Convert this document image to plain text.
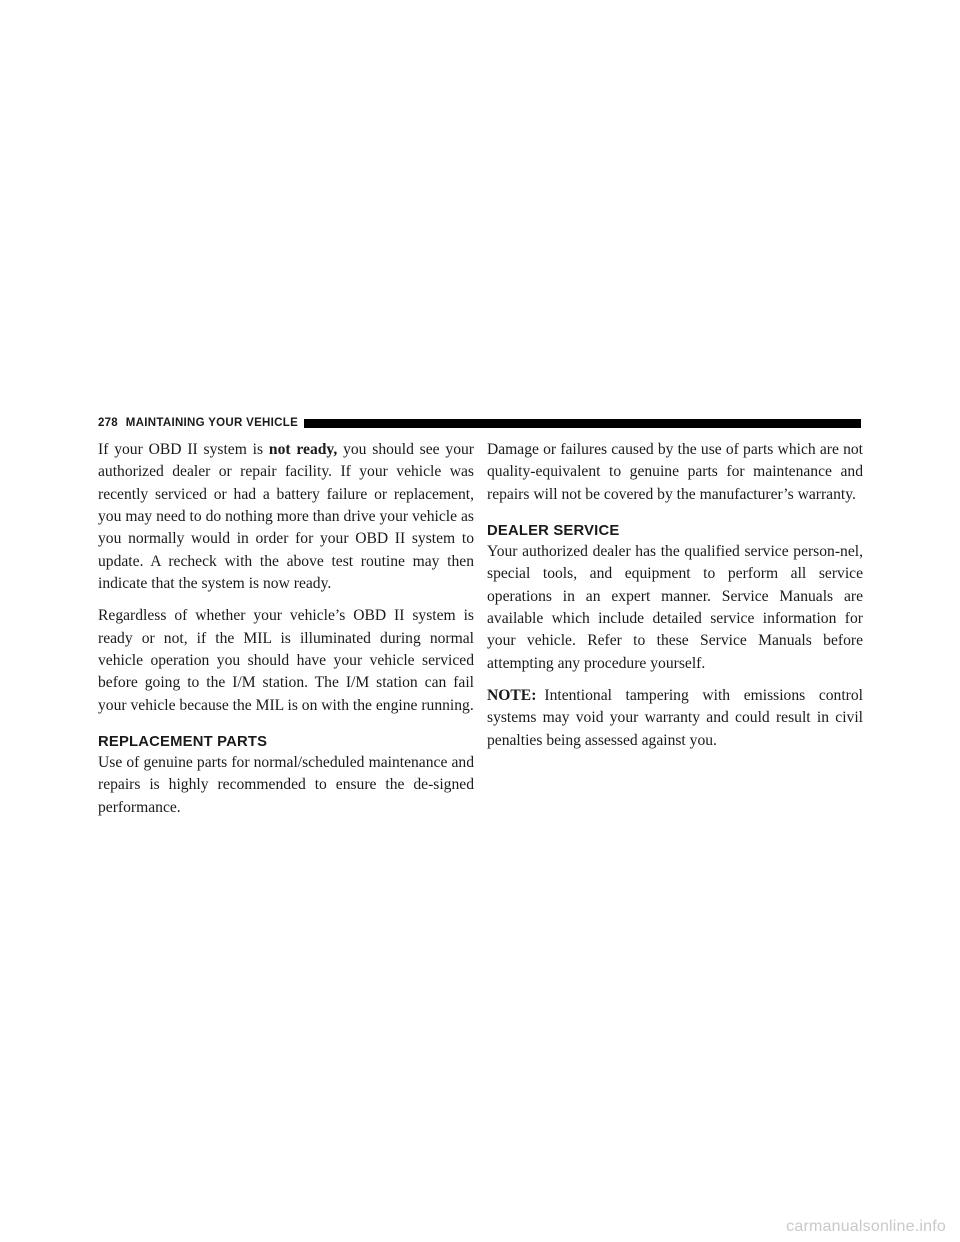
278 MAINTAINING YOUR VEHICLE

If your OBD II system is not ready, you should see your authorized dealer or repair facility. If your vehicle was recently serviced or had a battery failure or replacement, you may need to do nothing more than drive your vehicle as you normally would in order for your OBD II system to update. A recheck with the above test routine may then indicate that the system is now ready.

Regardless of whether your vehicle’s OBD II system is ready or not, if the MIL is illuminated during normal vehicle operation you should have your vehicle serviced before going to the I/M station. The I/M station can fail your vehicle because the MIL is on with the engine running.

REPLACEMENT PARTS

Use of genuine parts for normal/scheduled maintenance and repairs is highly recommended to ensure the de-signed performance.

Damage or failures caused by the use of parts which are not quality-equivalent to genuine parts for maintenance and repairs will not be covered by the manufacturer’s warranty.

DEALER SERVICE

Your authorized dealer has the qualified service person-nel, special tools, and equipment to perform all service operations in an expert manner. Service Manuals are available which include detailed service information for your vehicle. Refer to these Service Manuals before attempting any procedure yourself.

NOTE: Intentional tampering with emissions control systems may void your warranty and could result in civil penalties being assessed against you.

carmanualsonline.info
